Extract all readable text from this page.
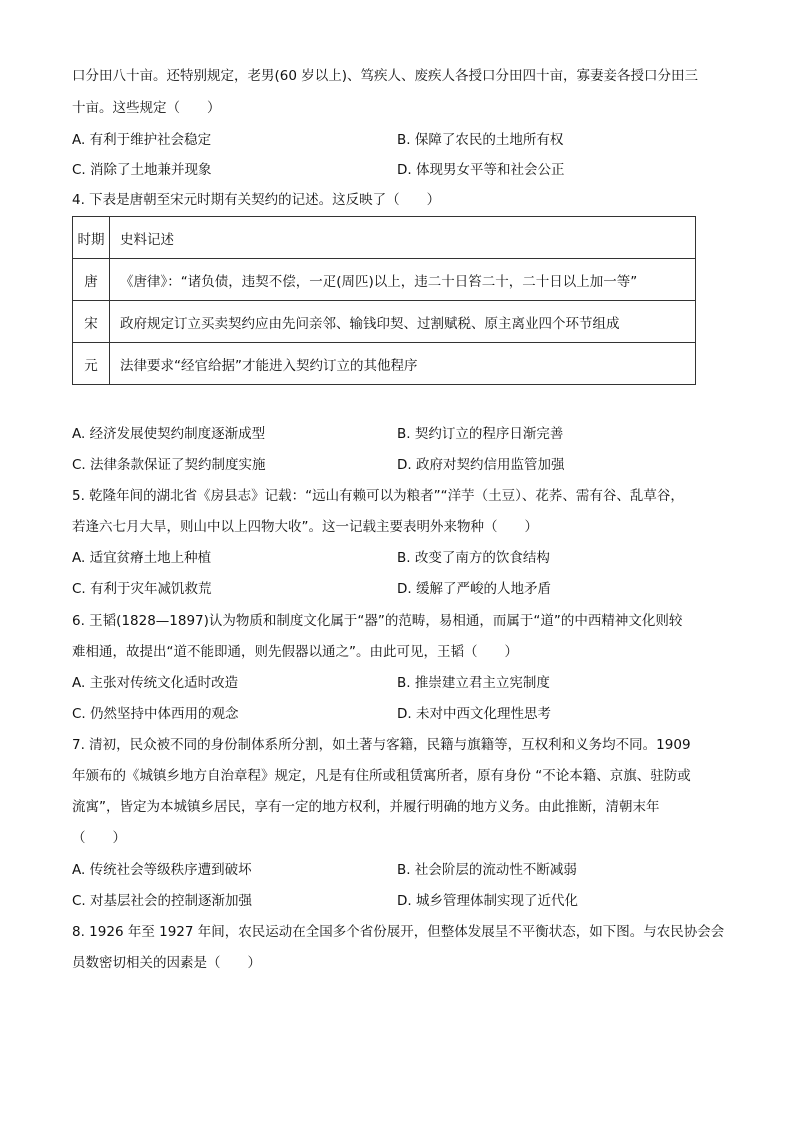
口分田八十亩。还特别规定，老男(60 岁以上)、笃疾人、废疾人各授口分田四十亩，寡妻妾各授口分田三
十亩。这些规定（　　）
A. 有利于维护社会稳定	B. 保障了农民的土地所有权
C. 消除了土地兼并现象	D. 体现男女平等和社会公正
4. 下表是唐朝至宋元时期有关契约的记述。这反映了（　　）
时期	史料记述
唐	《唐律》：“诸负债，违契不偿，一疋(周匹)以上，违二十日笞二十，二十日以上加一等”
宋	政府规定订立买卖契约应由先问亲邻、输钱印契、过割赋税、原主离业四个环节组成
元	法律要求“经官给据”才能进入契约订立的其他程序
A. 经济发展使契约制度逐渐成型	B. 契约订立的程序日渐完善
C. 法律条款保证了契约制度实施	D. 政府对契约信用监管加强
5. 乾隆年间的湖北省《房县志》记载：“远山有赖可以为粮者”“洋芋（土豆）、花荞、需有谷、乱草谷，
若逢六七月大旱，则山中以上四物大收”。这一记载主要表明外来物种（　　）
A. 适宜贫瘠土地上种植	B. 改变了南方的饮食结构
C. 有利于灾年减饥救荒	D. 缓解了严峻的人地矛盾
6. 王韬(1828—1897)认为物质和制度文化属于“器”的范畴，易相通，而属于“道”的中西精神文化则较
难相通，故提出“道不能即通，则先假器以通之”。由此可见，王韬（　　）
A. 主张对传统文化适时改造	B. 推崇建立君主立宪制度
C. 仍然坚持中体西用的观念	D. 未对中西文化理性思考
7. 清初，民众被不同的身份制体系所分割，如土著与客籍，民籍与旗籍等，互权利和义务均不同。1909
年颁布的《城镇乡地方自治章程》规定，凡是有住所或租赁寓所者，原有身份 “不论本籍、京旗、驻防或
流寓”，皆定为本城镇乡居民，享有一定的地方权利，并履行明确的地方义务。由此推断，清朝末年
（　　）
A. 传统社会等级秩序遭到破坏	B. 社会阶层的流动性不断减弱
C. 对基层社会的控制逐渐加强	D. 城乡管理体制实现了近代化
8. 1926 年至 1927 年间，农民运动在全国多个省份展开，但整体发展呈不平衡状态，如下图。与农民协会会
员数密切相关的因素是（　　）
